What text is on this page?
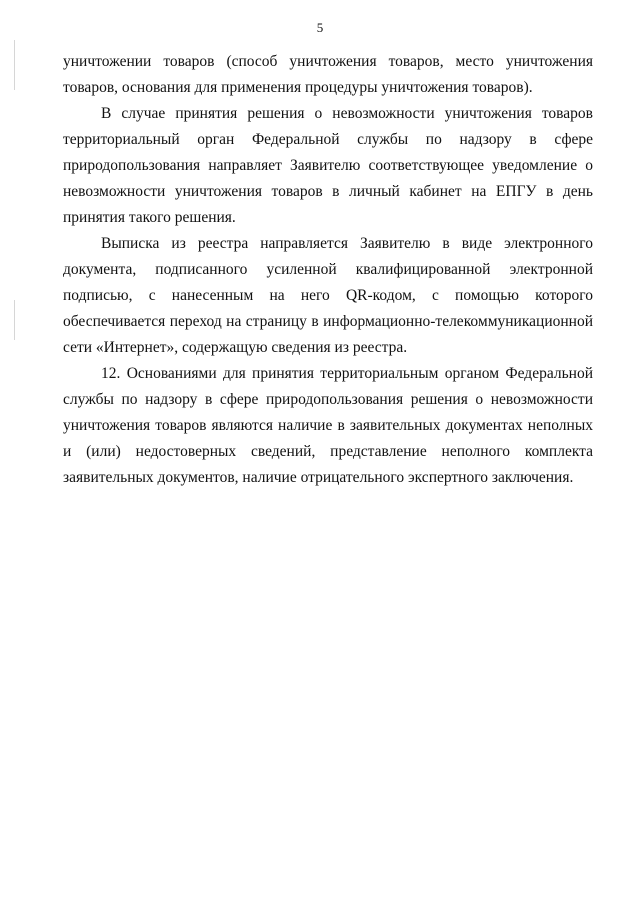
5

уничтожении товаров (способ уничтожения товаров, место уничтожения товаров, основания для применения процедуры уничтожения товаров).

В случае принятия решения о невозможности уничтожения товаров территориальный орган Федеральной службы по надзору в сфере природопользования направляет Заявителю соответствующее уведомление о невозможности уничтожения товаров в личный кабинет на ЕПГУ в день принятия такого решения.

Выписка из реестра направляется Заявителю в виде электронного документа, подписанного усиленной квалифицированной электронной подписью, с нанесенным на него QR-кодом, с помощью которого обеспечивается переход на страницу в информационно-телекоммуникационной сети «Интернет», содержащую сведения из реестра.

12. Основаниями для принятия территориальным органом Федеральной службы по надзору в сфере природопользования решения о невозможности уничтожения товаров являются наличие в заявительных документах неполных и (или) недостоверных сведений, представление неполного комплекта заявительных документов, наличие отрицательного экспертного заключения.
